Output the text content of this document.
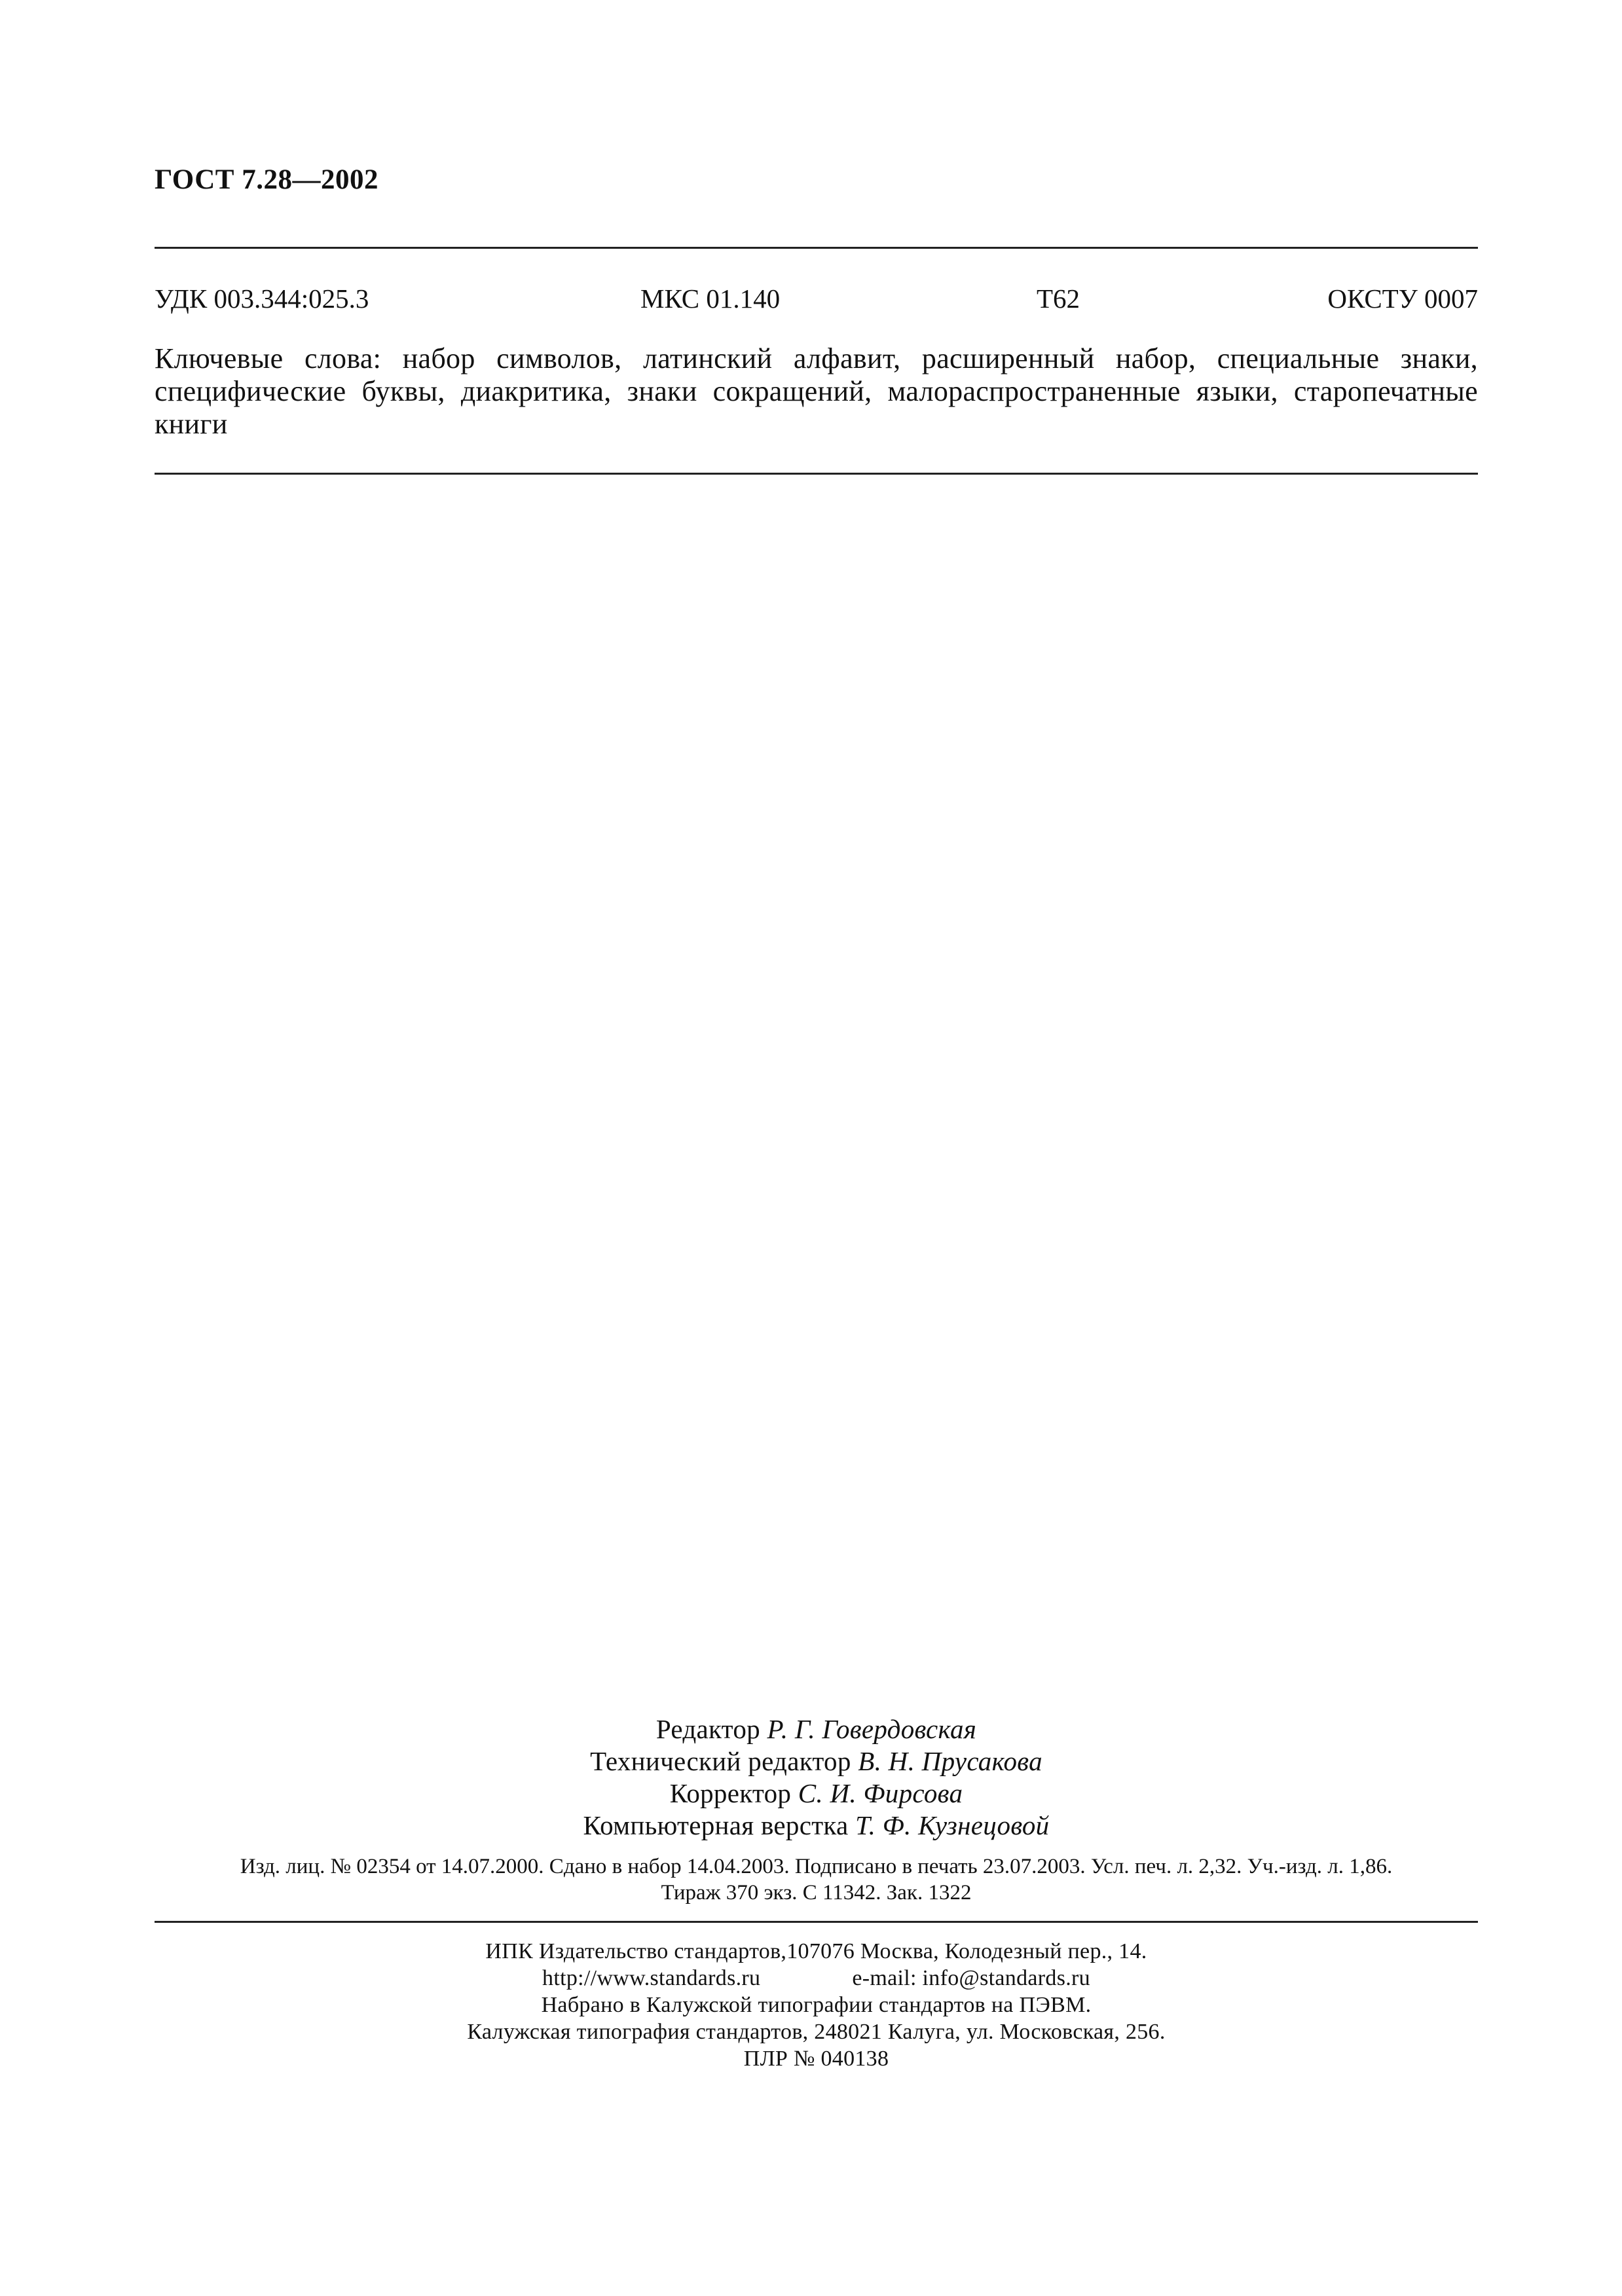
ГОСТ 7.28—2002
УДК 003.344:025.3	МКС 01.140	Т62	ОКСТУ 0007
Ключевые слова: набор символов, латинский алфавит, расширенный набор, специальные знаки, специфические буквы, диакритика, знаки сокращений, малораспространенные языки, старопечатные книги
Редактор Р. Г. Говердовская
Технический редактор В. Н. Прусакова
Корректор С. И. Фирсова
Компьютерная верстка Т. Ф. Кузнецовой
Изд. лиц. № 02354 от 14.07.2000. Сдано в набор 14.04.2003. Подписано в печать 23.07.2003. Усл. печ. л. 2,32. Уч.-изд. л. 1,86.
Тираж 370 экз. С 11342. Зак. 1322
ИПК Издательство стандартов,107076 Москва, Колодезный пер., 14.
http://www.standards.ru	e-mail: info@standards.ru
Набрано в Калужской типографии стандартов на ПЭВМ.
Калужская типография стандартов, 248021 Калуга, ул. Московская, 256.
ПЛР № 040138
